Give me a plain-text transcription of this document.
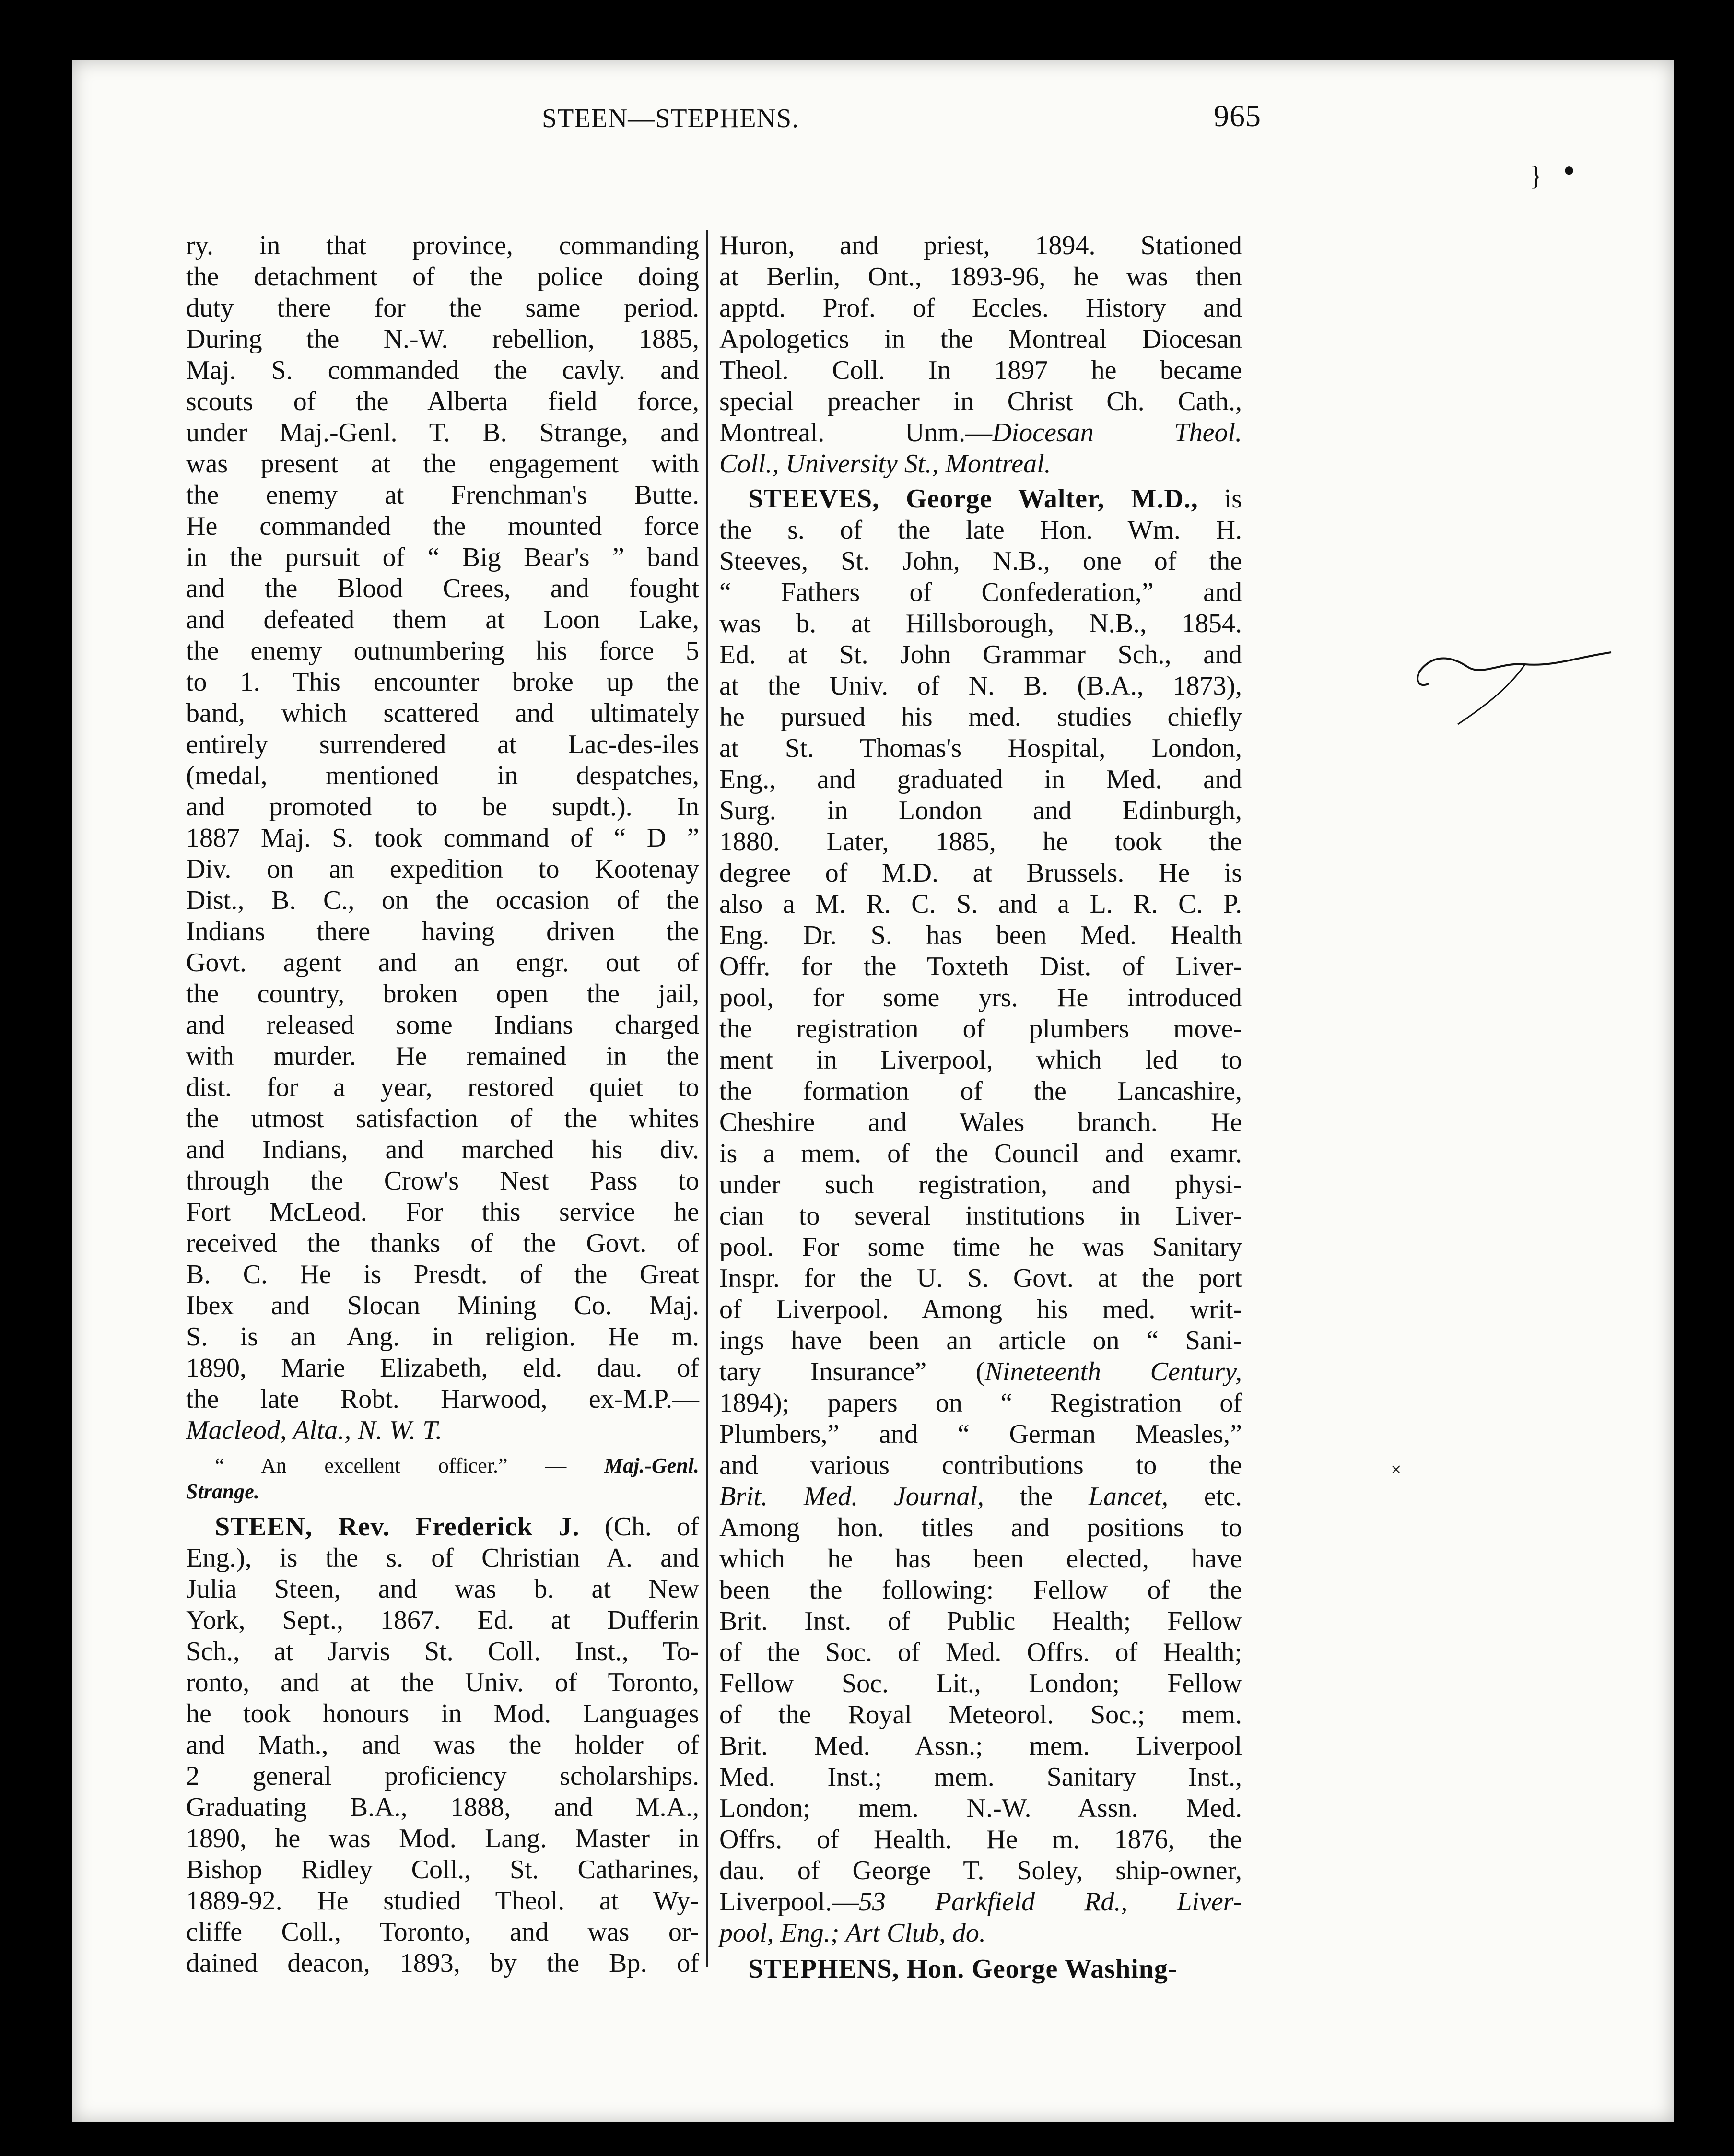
STEEN—STEPHENS.	965
ry. in that province, commanding
the detachment of the police doing
duty there for the same period.
During the N.-W. rebellion, 1885,
Maj. S. commanded the cavly. and
scouts of the Alberta field force,
under Maj.-Genl. T. B. Strange, and
was present at the engagement with
the enemy at Frenchman's Butte.
He commanded the mounted force
in the pursuit of “ Big Bear's ” band
and the Blood Crees, and fought
and defeated them at Loon Lake,
the enemy outnumbering his force 5
to 1. This encounter broke up the
band, which scattered and ultimately
entirely surrendered at Lac-des-iles
(medal, mentioned in despatches,
and promoted to be supdt.). In
1887 Maj. S. took command of “ D ”
Div. on an expedition to Kootenay
Dist., B. C., on the occasion of the
Indians there having driven the
Govt. agent and an engr. out of
the country, broken open the jail,
and released some Indians charged
with murder. He remained in the
dist. for a year, restored quiet to
the utmost satisfaction of the whites
and Indians, and marched his div.
through the Crow's Nest Pass to
Fort McLeod. For this service he
received the thanks of the Govt. of
B. C. He is Presdt. of the Great
Ibex and Slocan Mining Co. Maj.
S. is an Ang. in religion. He m.
1890, Marie Elizabeth, eld. dau. of
the late Robt. Harwood, ex-M.P.—
Macleod, Alta., N. W. T.
“ An excellent officer.” — Maj.-Genl.
Strange.
STEEN, Rev. Frederick J. (Ch. of
Eng.), is the s. of Christian A. and
Julia Steen, and was b. at New
York, Sept., 1867. Ed. at Dufferin
Sch., at Jarvis St. Coll. Inst., To-
ronto, and at the Univ. of Toronto,
he took honours in Mod. Languages
and Math., and was the holder of
2 general proficiency scholarships.
Graduating B.A., 1888, and M.A.,
1890, he was Mod. Lang. Master in
Bishop Ridley Coll., St. Catharines,
1889-92. He studied Theol. at Wy-
cliffe Coll., Toronto, and was or-
dained deacon, 1893, by the Bp. of
Huron, and priest, 1894. Stationed
at Berlin, Ont., 1893-96, he was then
apptd. Prof. of Eccles. History and
Apologetics in the Montreal Diocesan
Theol. Coll. In 1897 he became
special preacher in Christ Ch. Cath.,
Montreal. Unm.—Diocesan Theol.
Coll., University St., Montreal.
STEEVES, George Walter, M.D., is
the s. of the late Hon. Wm. H.
Steeves, St. John, N.B., one of the
“ Fathers of Confederation,” and
was b. at Hillsborough, N.B., 1854.
Ed. at St. John Grammar Sch., and
at the Univ. of N. B. (B.A., 1873),
he pursued his med. studies chiefly
at St. Thomas's Hospital, London,
Eng., and graduated in Med. and
Surg. in London and Edinburgh,
1880. Later, 1885, he took the
degree of M.D. at Brussels. He is
also a M. R. C. S. and a L. R. C. P.
Eng. Dr. S. has been Med. Health
Offr. for the Toxteth Dist. of Liver-
pool, for some yrs. He introduced
the registration of plumbers move-
ment in Liverpool, which led to
the formation of the Lancashire,
Cheshire and Wales branch. He
is a mem. of the Council and examr.
under such registration, and physi-
cian to several institutions in Liver-
pool. For some time he was Sanitary
Inspr. for the U. S. Govt. at the port
of Liverpool. Among his med. writ-
ings have been an article on “ Sani-
tary Insurance” (Nineteenth Century,
1894); papers on “ Registration of
Plumbers,” and “ German Measles,”
and various contributions to the
Brit. Med. Journal, the Lancet, etc.
Among hon. titles and positions to
which he has been elected, have
been the following: Fellow of the
Brit. Inst. of Public Health; Fellow
of the Soc. of Med. Offrs. of Health;
Fellow Soc. Lit., London; Fellow
of the Royal Meteorol. Soc.; mem.
Brit. Med. Assn.; mem. Liverpool
Med. Inst.; mem. Sanitary Inst.,
London; mem. N.-W. Assn. Med.
Offrs. of Health. He m. 1876, the
dau. of George T. Soley, ship-owner,
Liverpool.—53 Parkfield Rd., Liver-
pool, Eng.; Art Club, do.
STEPHENS, Hon. George Washing-
●
}
×
